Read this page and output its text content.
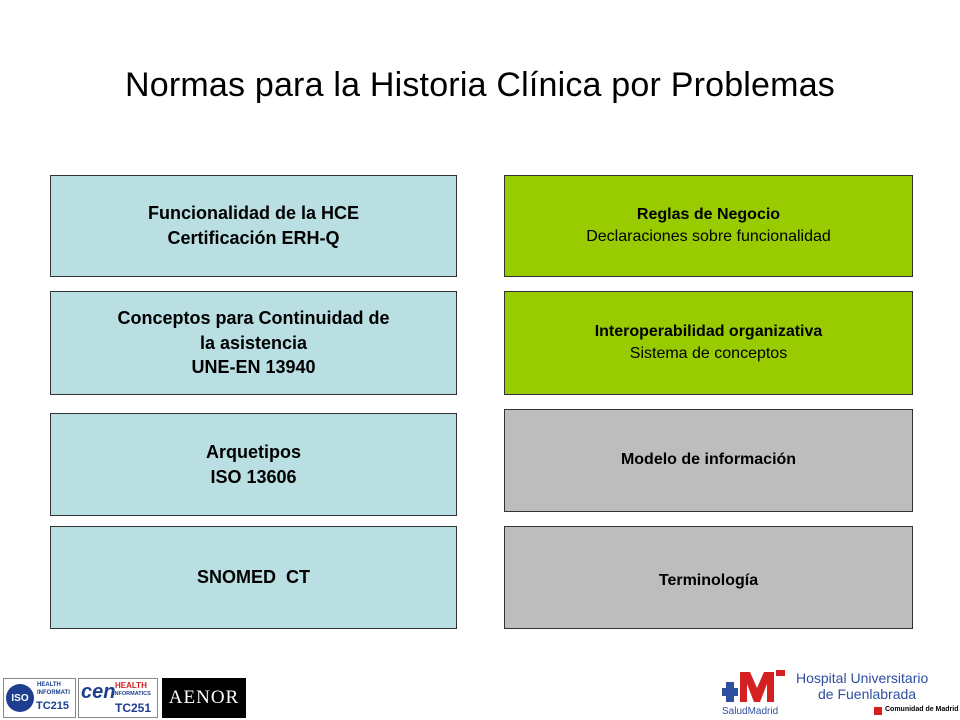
Normas para la Historia Clínica por Problemas
Funcionalidad de la HCE
Certificación ERH-Q
Conceptos para Continuidad de
la asistencia
UNE-EN 13940
Arquetipos
ISO 13606
SNOMED  CT
Reglas de Negocio
Declaraciones sobre funcionalidad
Interoperabilidad organizativa
Sistema de conceptos
Modelo de información
Terminología
ISO
HEALTH
INFORMATI
TC215
cen HEALTH
INFORMATICS
TC251 AENOR
SaludMadrid
Hospital Universitario
de Fuenlabrada
Comunidad de Madrid
